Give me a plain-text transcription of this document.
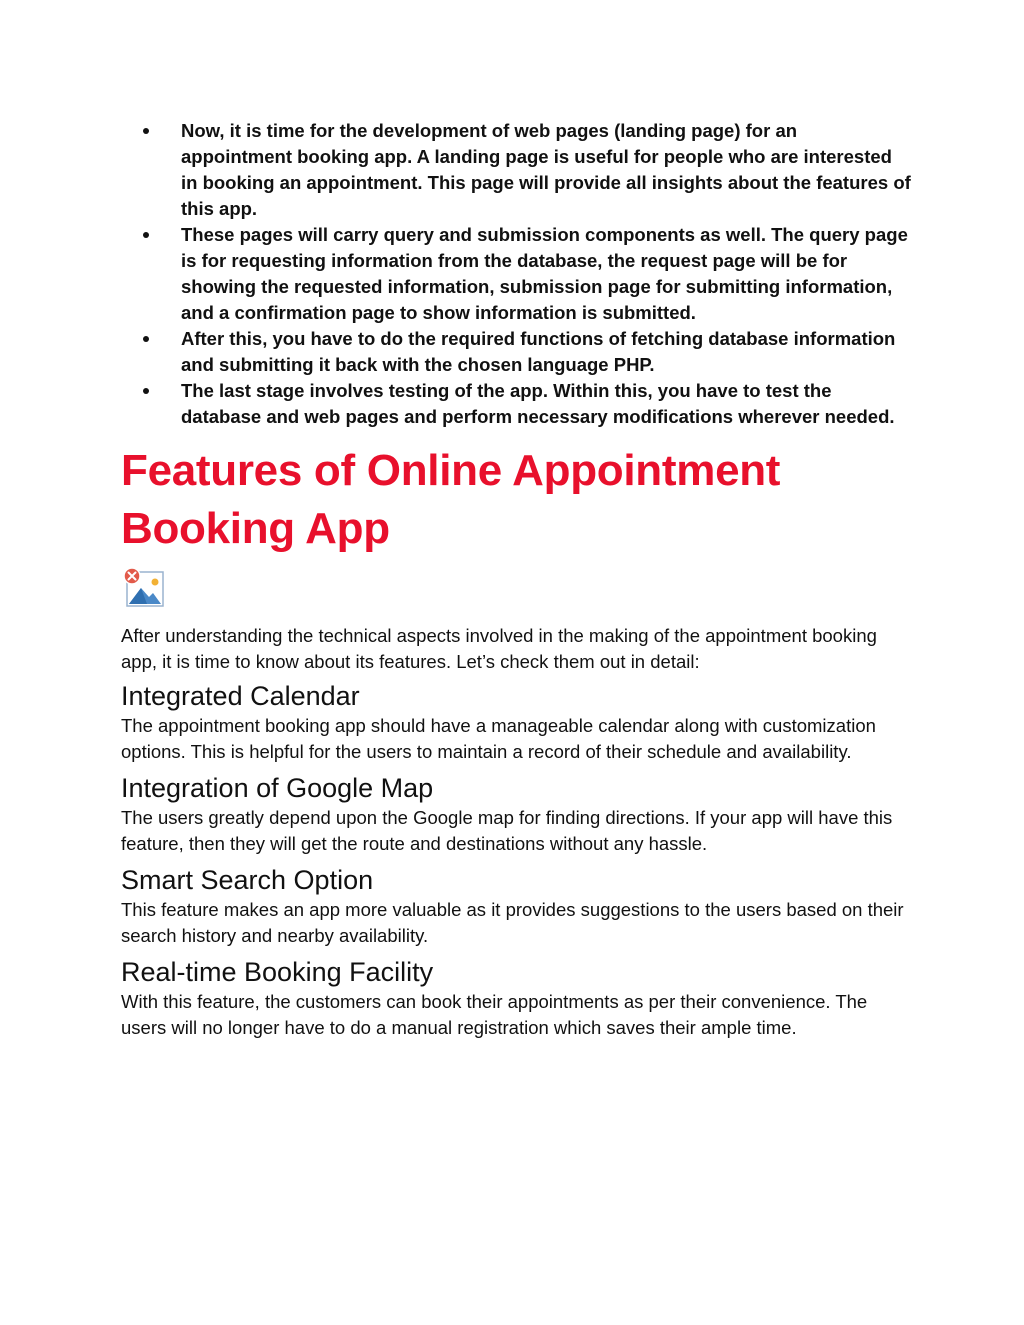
Now, it is time for the development of web pages (landing page) for an appointment booking app. A landing page is useful for people who are interested in booking an appointment. This page will provide all insights about the features of this app.
These pages will carry query and submission components as well. The query page is for requesting information from the database, the request page will be for showing the requested information, submission page for submitting information, and a confirmation page to show information is submitted.
After this, you have to do the required functions of fetching database information and submitting it back with the chosen language PHP.
The last stage involves testing of the app. Within this, you have to test the database and web pages and perform necessary modifications wherever needed.
Features of Online Appointment
Booking App

After understanding the technical aspects involved in the making of the appointment booking app, it is time to know about its features. Let’s check them out in detail:

Integrated Calendar

The appointment booking app should have a manageable calendar along with customization options. This is helpful for the users to maintain a record of their schedule and availability.

Integration of Google Map

The users greatly depend upon the Google map for finding directions. If your app will have this feature, then they will get the route and destinations without any hassle.

Smart Search Option

This feature makes an app more valuable as it provides suggestions to the users based on their search history and nearby availability.

Real-time Booking Facility

With this feature, the customers can book their appointments as per their convenience. The users will no longer have to do a manual registration which saves their ample time.
